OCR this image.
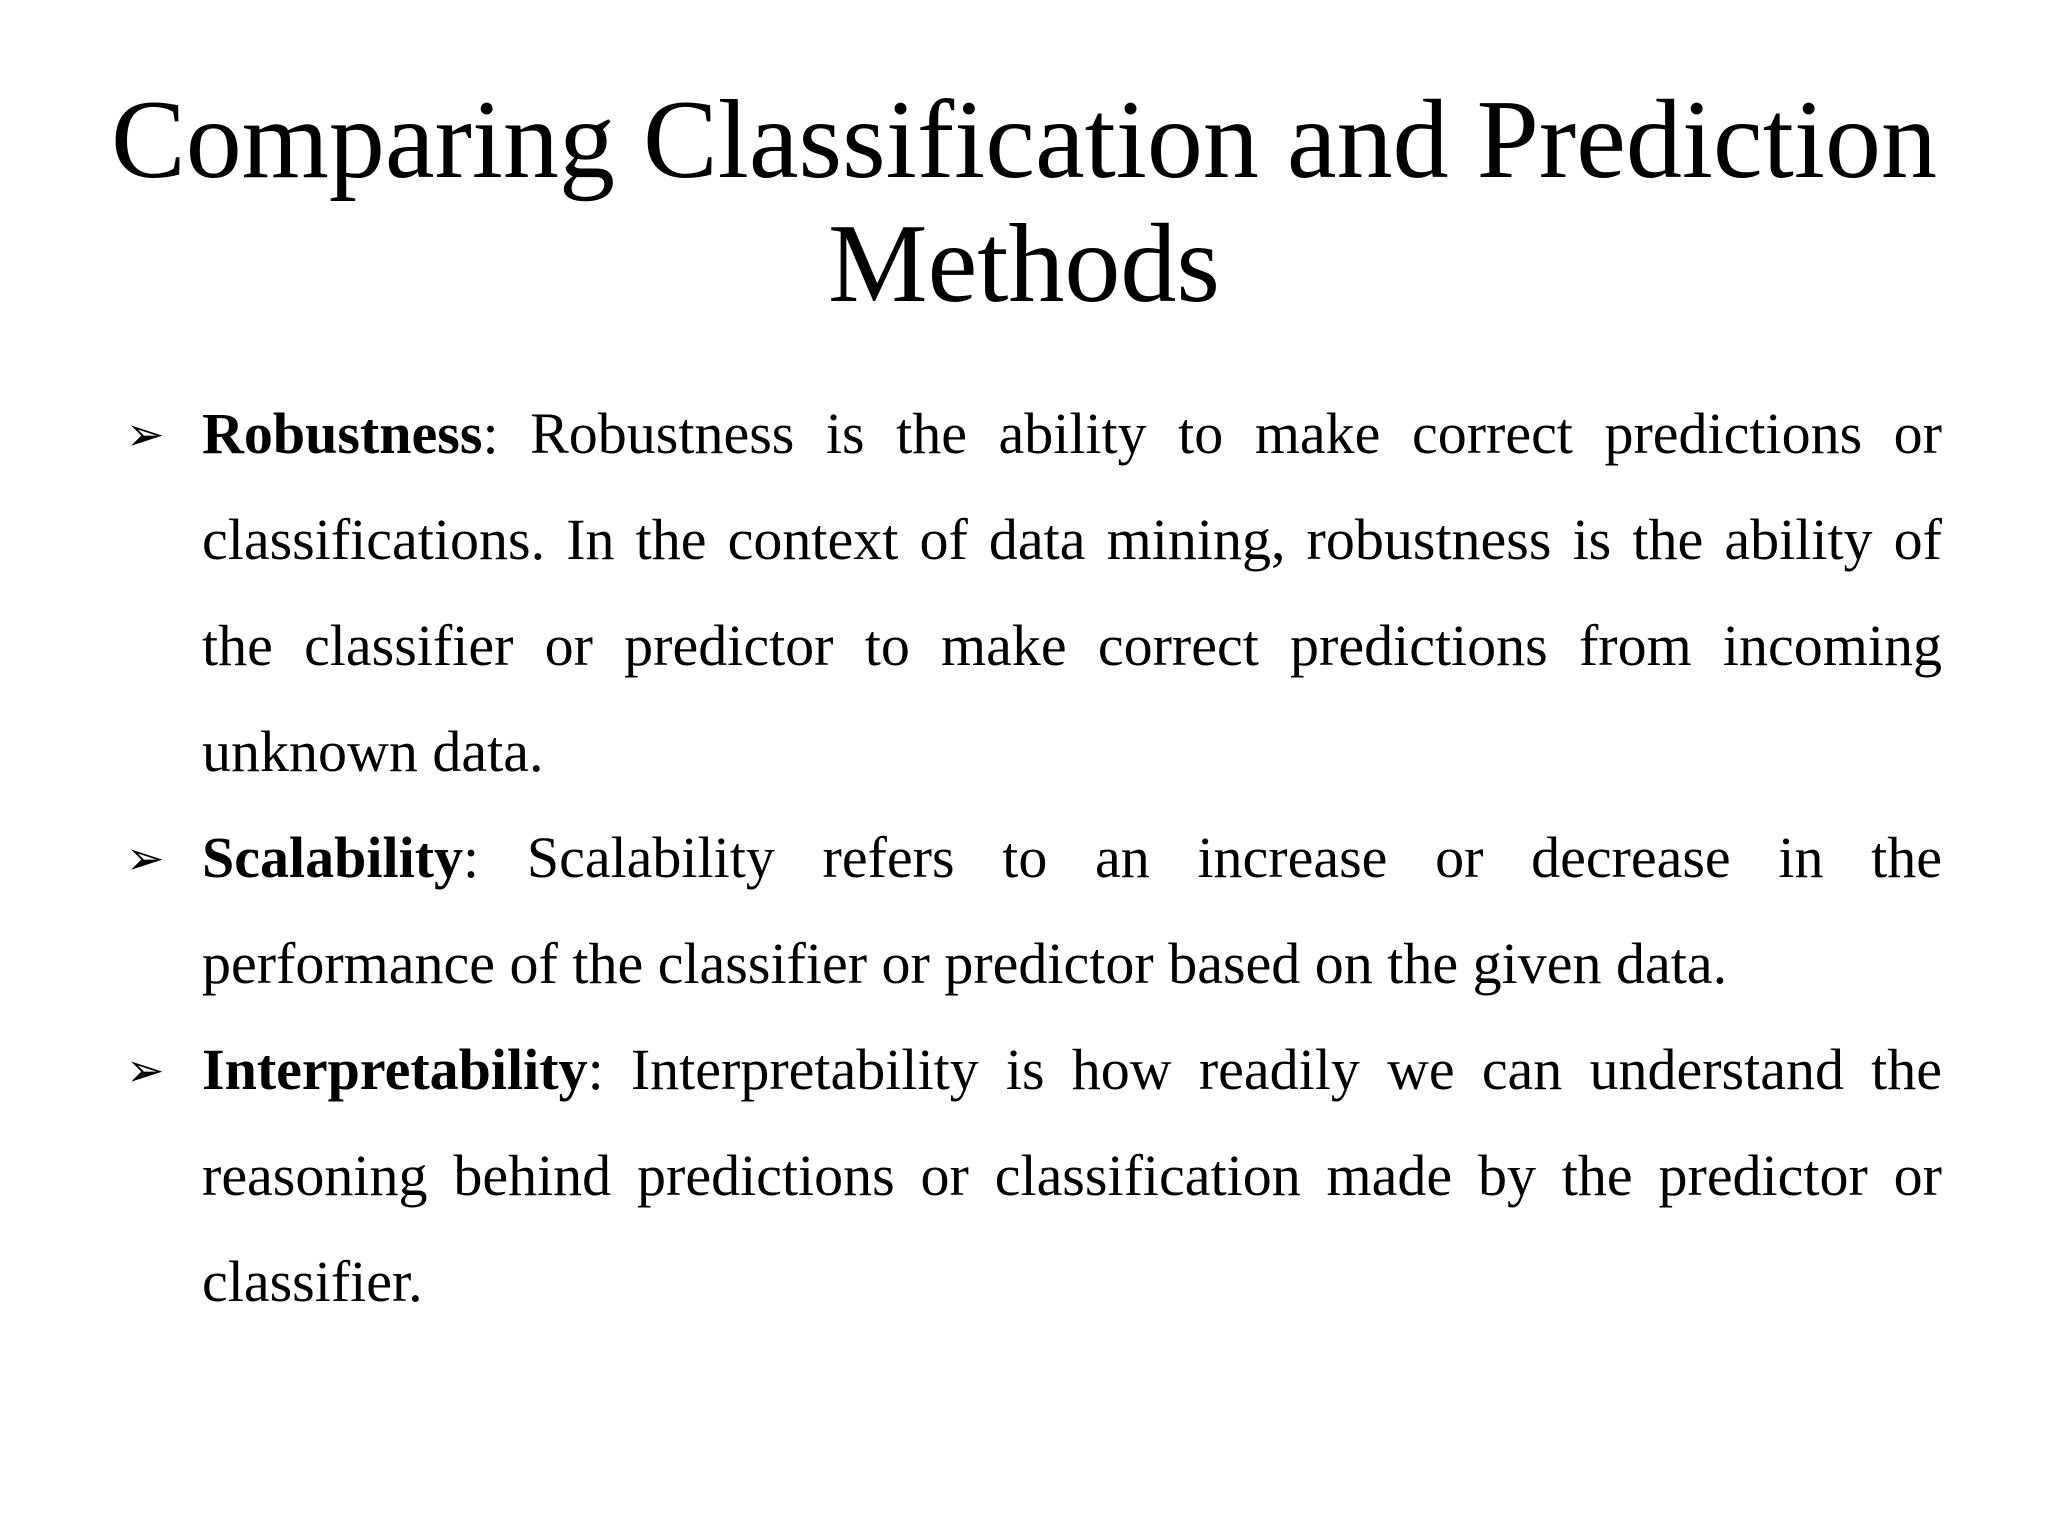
Comparing Classification and Prediction Methods
➢ Robustness: Robustness is the ability to make correct predictions or classifications. In the context of data mining, robustness is the ability of the classifier or predictor to make correct predictions from incoming unknown data.
➢ Scalability: Scalability refers to an increase or decrease in the performance of the classifier or predictor based on the given data.
➢ Interpretability: Interpretability is how readily we can understand the reasoning behind predictions or classification made by the predictor or classifier.
